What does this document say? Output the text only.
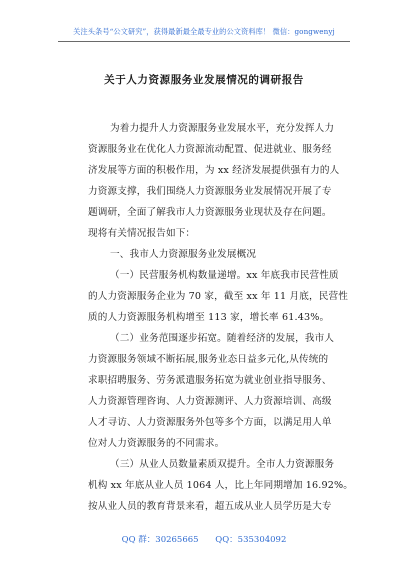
关注头条号“公文研究”，获得最新最全最专业的公文资料库！ 微信：gongwenyj
关于人力资源服务业发展情况的调研报告
为着力提升人力资源服务业发展水平，充分发挥人力
资源服务业在优化人力资源流动配置、促进就业、服务经
济发展等方面的积极作用，为 xx 经济发展提供强有力的人
力资源支撑，我们围绕人力资源服务业发展情况开展了专
题调研，全面了解我市人力资源服务业现状及存在问题。
现将有关情况报告如下：
一、我市人力资源服务业发展概况
（一）民营服务机构数量递增。xx 年底我市民营性质
的人力资源服务企业为 70 家，截至 xx 年 11 月底，民营性
质的人力资源服务机构增至 113 家，增长率 61.43%。
（二）业务范围逐步拓宽。随着经济的发展，我市人
力资源服务领域不断拓展,服务业态日益多元化,从传统的
求职招聘服务、劳务派遣服务拓宽为就业创业指导服务、
人力资源管理咨询、人力资源测评、人力资源培训、高级
人才寻访、人力资源服务外包等多个方面，以满足用人单
位对人力资源服务的不同需求。
（三）从业人员数量素质双提升。全市人力资源服务
机构 xx 年底从业人员 1064 人，比上年同期增加 16.92%。
按从业人员的教育背景来看，超五成从业人员学历是大专
QQ 群：30265665 QQ：535304092
